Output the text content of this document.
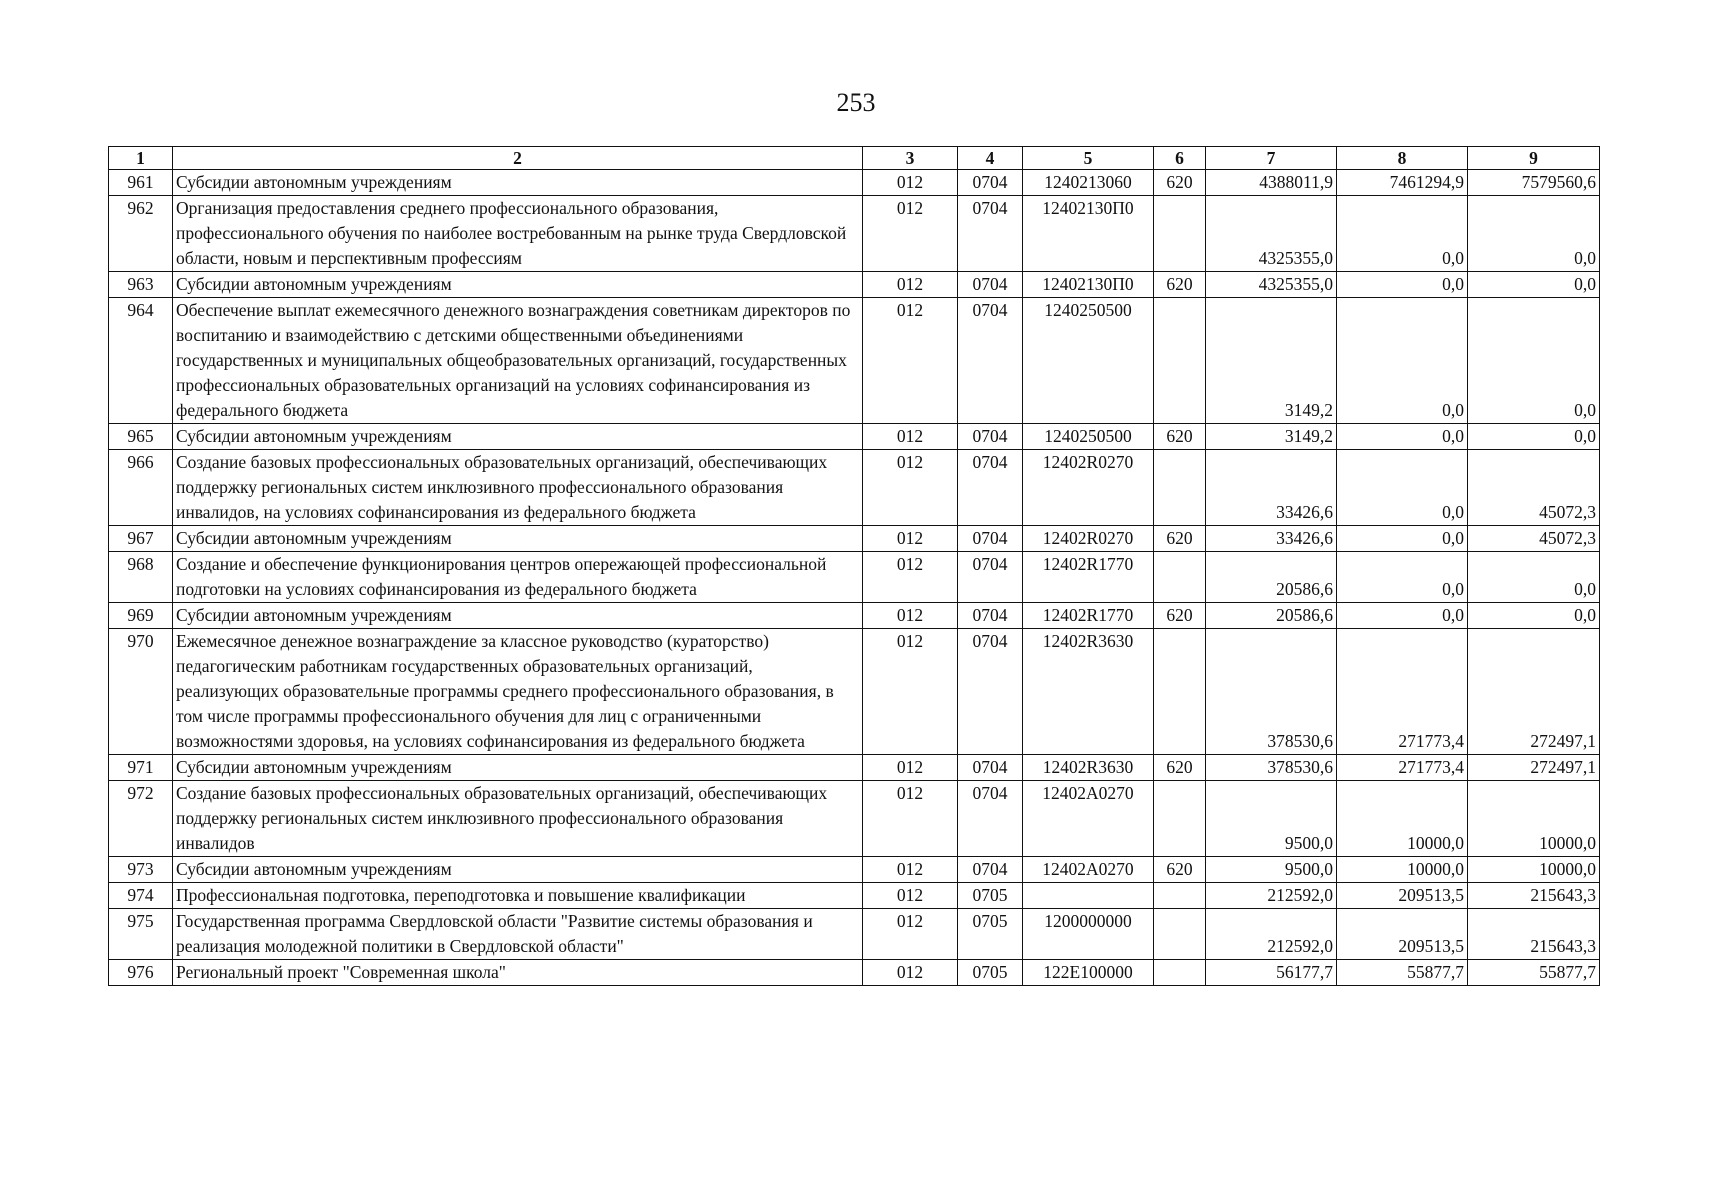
253
1	2	3	4	5	6	7	8	9
961	Субсидии автономным учреждениям	012	0704	1240213060	620	4388011,9	7461294,9	7579560,6
962	Организация предоставления среднего профессионального образования, профессионального обучения по наиболее востребованным на рынке труда Свердловской области, новым и перспективным профессиям	012	0704	12402130П0		4325355,0	0,0	0,0
963	Субсидии автономным учреждениям	012	0704	12402130П0	620	4325355,0	0,0	0,0
964	Обеспечение выплат ежемесячного денежного вознаграждения советникам директоров по воспитанию и взаимодействию с детскими общественными объединениями государственных и муниципальных общеобразовательных организаций, государственных профессиональных образовательных организаций на условиях софинансирования из федерального бюджета	012	0704	1240250500		3149,2	0,0	0,0
965	Субсидии автономным учреждениям	012	0704	1240250500	620	3149,2	0,0	0,0
966	Создание базовых профессиональных образовательных организаций, обеспечивающих поддержку региональных систем инклюзивного профессионального образования инвалидов, на условиях софинансирования из федерального бюджета	012	0704	12402R0270		33426,6	0,0	45072,3
967	Субсидии автономным учреждениям	012	0704	12402R0270	620	33426,6	0,0	45072,3
968	Создание и обеспечение функционирования центров опережающей профессиональной подготовки на условиях софинансирования из федерального бюджета	012	0704	12402R1770		20586,6	0,0	0,0
969	Субсидии автономным учреждениям	012	0704	12402R1770	620	20586,6	0,0	0,0
970	Ежемесячное денежное вознаграждение за классное руководство (кураторство) педагогическим работникам государственных образовательных организаций, реализующих образовательные программы среднего профессионального образования, в том числе программы профессионального обучения для лиц с ограниченными возможностями здоровья, на условиях софинансирования из федерального бюджета	012	0704	12402R3630		378530,6	271773,4	272497,1
971	Субсидии автономным учреждениям	012	0704	12402R3630	620	378530,6	271773,4	272497,1
972	Создание базовых профессиональных образовательных организаций, обеспечивающих поддержку региональных систем инклюзивного профессионального образования инвалидов	012	0704	12402A0270		9500,0	10000,0	10000,0
973	Субсидии автономным учреждениям	012	0704	12402A0270	620	9500,0	10000,0	10000,0
974	Профессиональная подготовка, переподготовка и повышение квалификации	012	0705			212592,0	209513,5	215643,3
975	Государственная программа Свердловской области "Развитие системы образования и реализация молодежной политики в Свердловской области"	012	0705	1200000000		212592,0	209513,5	215643,3
976	Региональный проект "Современная школа"	012	0705	122E100000		56177,7	55877,7	55877,7
